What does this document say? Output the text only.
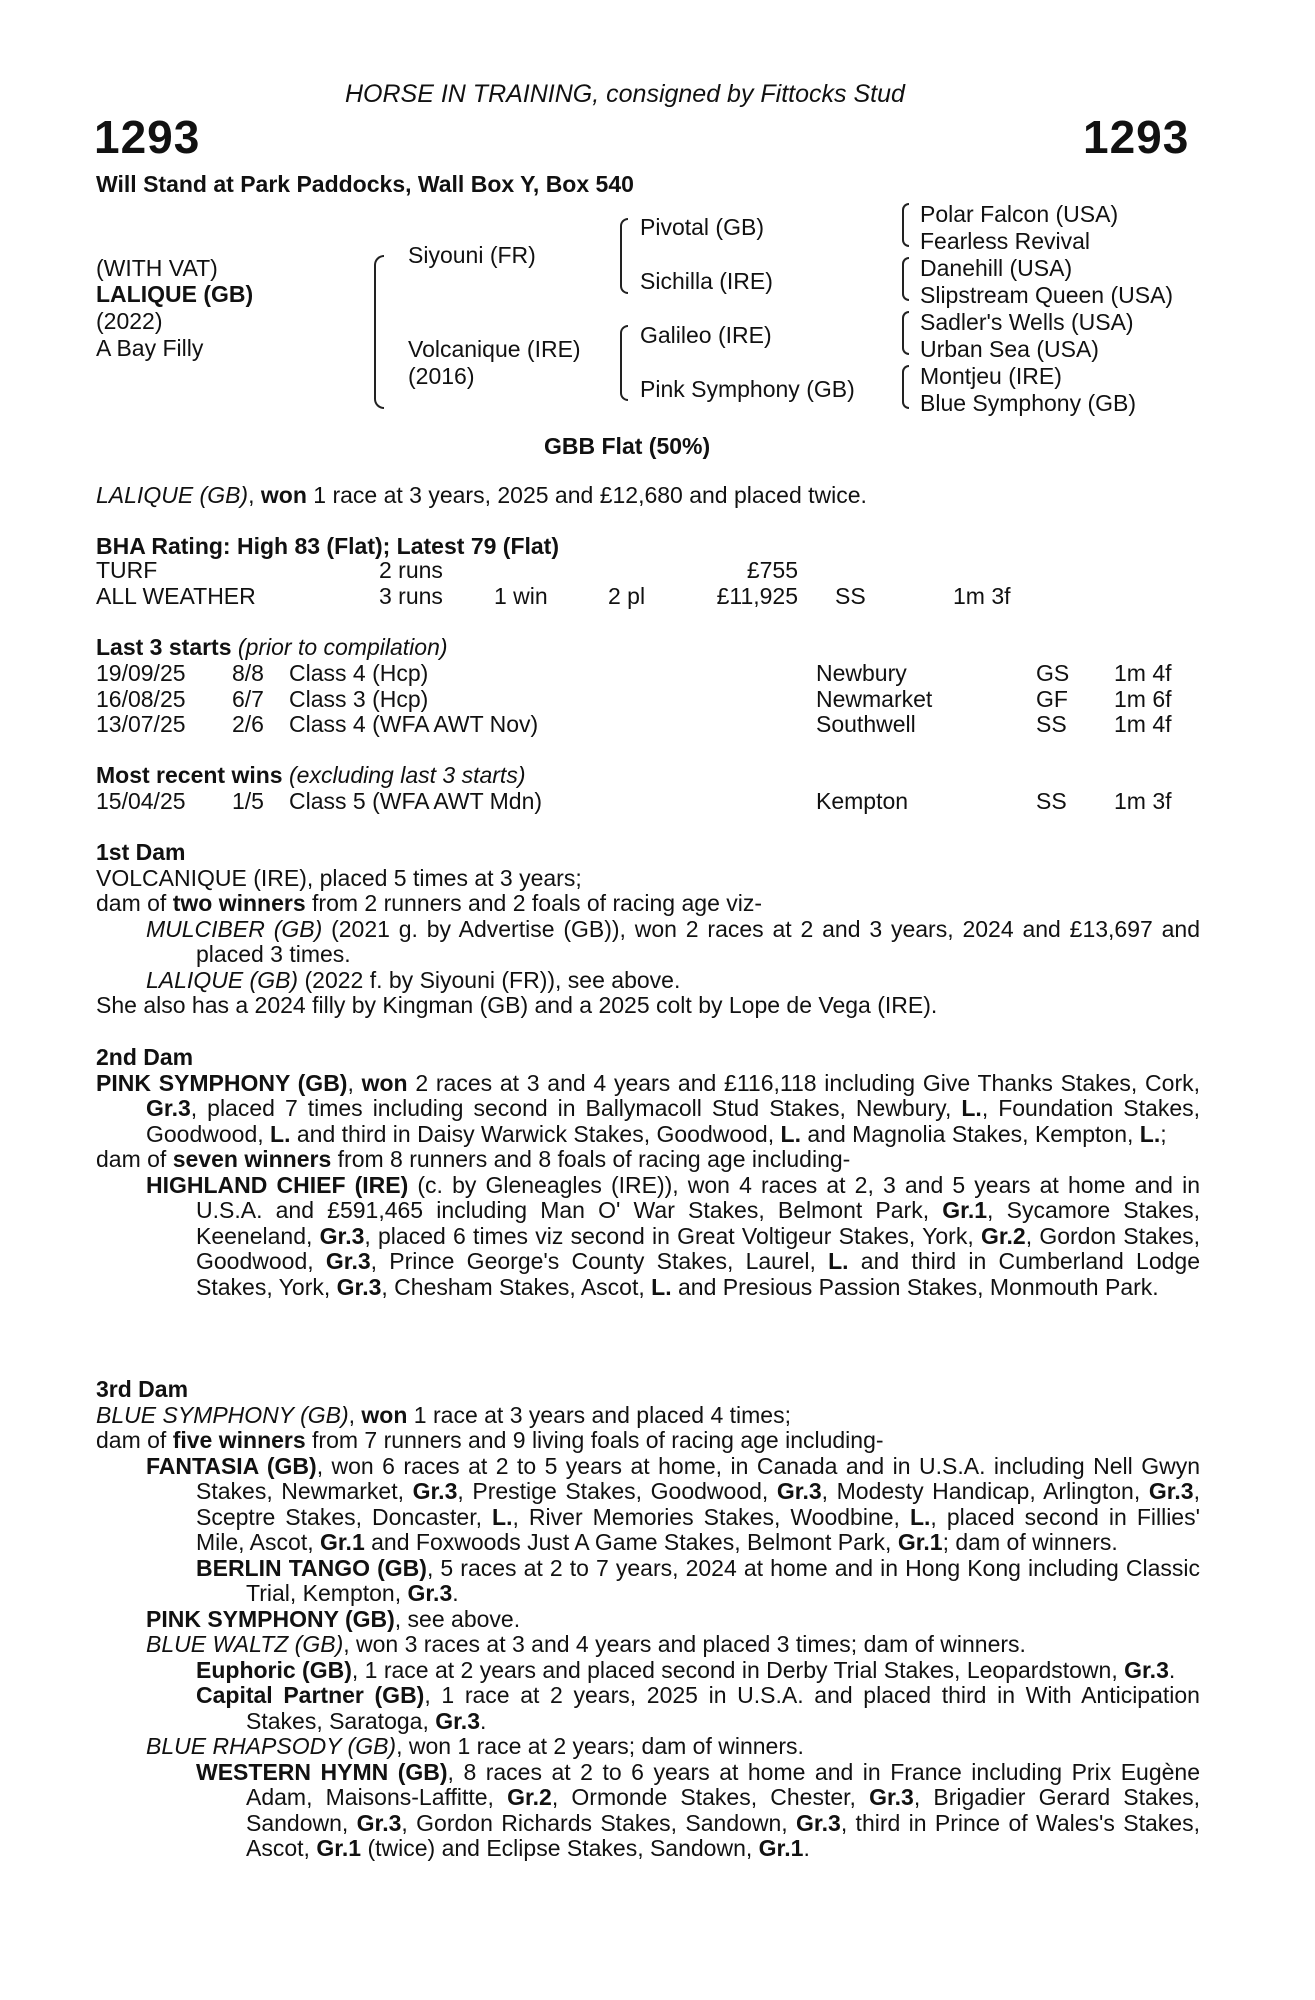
HORSE IN TRAINING, consigned by Fittocks Stud
1293	1293
Will Stand at Park Paddocks, Wall Box Y, Box 540
(WITH VAT)
LALIQUE (GB)
(2022)
A Bay Filly
Siyouni (FR)
Volcanique (IRE)
(2016)
Pivotal (GB)
Sichilla (IRE)
Galileo (IRE)
Pink Symphony (GB)
Polar Falcon (USA)
Fearless Revival
Danehill (USA)
Slipstream Queen (USA)
Sadler's Wells (USA)
Urban Sea (USA)
Montjeu (IRE)
Blue Symphony (GB)
GBB Flat (50%)
LALIQUE (GB), won 1 race at 3 years, 2025 and £12,680 and placed twice.
BHA Rating: High 83 (Flat); Latest 79 (Flat)
TURF	2 runs			£755		
ALL WEATHER	3 runs	1 win	2 pl	£11,925	SS	1m 3f
Last 3 starts (prior to compilation)
19/09/25	8/8	Class 4 (Hcp)	Newbury	GS	1m 4f
16/08/25	6/7	Class 3 (Hcp)	Newmarket	GF	1m 6f
13/07/25	2/6	Class 4 (WFA AWT Nov)	Southwell	SS	1m 4f
Most recent wins (excluding last 3 starts)
15/04/25	1/5	Class 5 (WFA AWT Mdn)	Kempton	SS	1m 3f

1st Dam

VOLCANIQUE (IRE), placed 5 times at 3 years;

dam of two winners from 2 runners and 2 foals of racing age viz-

MULCIBER (GB) (2021 g. by Advertise (GB)), won 2 races at 2 and 3 years, 2024 and £13,697 and placed 3 times.

LALIQUE (GB) (2022 f. by Siyouni (FR)), see above.

She also has a 2024 filly by Kingman (GB) and a 2025 colt by Lope de Vega (IRE).

2nd Dam

PINK SYMPHONY (GB), won 2 races at 3 and 4 years and £116,118 including Give Thanks Stakes, Cork, Gr.3, placed 7 times including second in Ballymacoll Stud Stakes, Newbury, L., Foundation Stakes, Goodwood, L. and third in Daisy Warwick Stakes, Goodwood, L. and Magnolia Stakes, Kempton, L.;

dam of seven winners from 8 runners and 8 foals of racing age including-

HIGHLAND CHIEF (IRE) (c. by Gleneagles (IRE)), won 4 races at 2, 3 and 5 years at home and in U.S.A. and £591,465 including Man O' War Stakes, Belmont Park, Gr.1, Sycamore Stakes, Keeneland, Gr.3, placed 6 times viz second in Great Voltigeur Stakes, York, Gr.2, Gordon Stakes, Goodwood, Gr.3, Prince George's County Stakes, Laurel, L. and third in Cumberland Lodge Stakes, York, Gr.3, Chesham Stakes, Ascot, L. and Presious Passion Stakes, Monmouth Park.

3rd Dam

BLUE SYMPHONY (GB), won 1 race at 3 years and placed 4 times;

dam of five winners from 7 runners and 9 living foals of racing age including-

FANTASIA (GB), won 6 races at 2 to 5 years at home, in Canada and in U.S.A. including Nell Gwyn Stakes, Newmarket, Gr.3, Prestige Stakes, Goodwood, Gr.3, Modesty Handicap, Arlington, Gr.3, Sceptre Stakes, Doncaster, L., River Memories Stakes, Woodbine, L., placed second in Fillies' Mile, Ascot, Gr.1 and Foxwoods Just A Game Stakes, Belmont Park, Gr.1; dam of winners.

BERLIN TANGO (GB), 5 races at 2 to 7 years, 2024 at home and in Hong Kong including Classic Trial, Kempton, Gr.3.

PINK SYMPHONY (GB), see above.

BLUE WALTZ (GB), won 3 races at 3 and 4 years and placed 3 times; dam of winners.

Euphoric (GB), 1 race at 2 years and placed second in Derby Trial Stakes, Leopardstown, Gr.3.

Capital Partner (GB), 1 race at 2 years, 2025 in U.S.A. and placed third in With Anticipation Stakes, Saratoga, Gr.3.

BLUE RHAPSODY (GB), won 1 race at 2 years; dam of winners.

WESTERN HYMN (GB), 8 races at 2 to 6 years at home and in France including Prix Eugène Adam, Maisons-Laffitte, Gr.2, Ormonde Stakes, Chester, Gr.3, Brigadier Gerard Stakes, Sandown, Gr.3, Gordon Richards Stakes, Sandown, Gr.3, third in Prince of Wales's Stakes, Ascot, Gr.1 (twice) and Eclipse Stakes, Sandown, Gr.1.
